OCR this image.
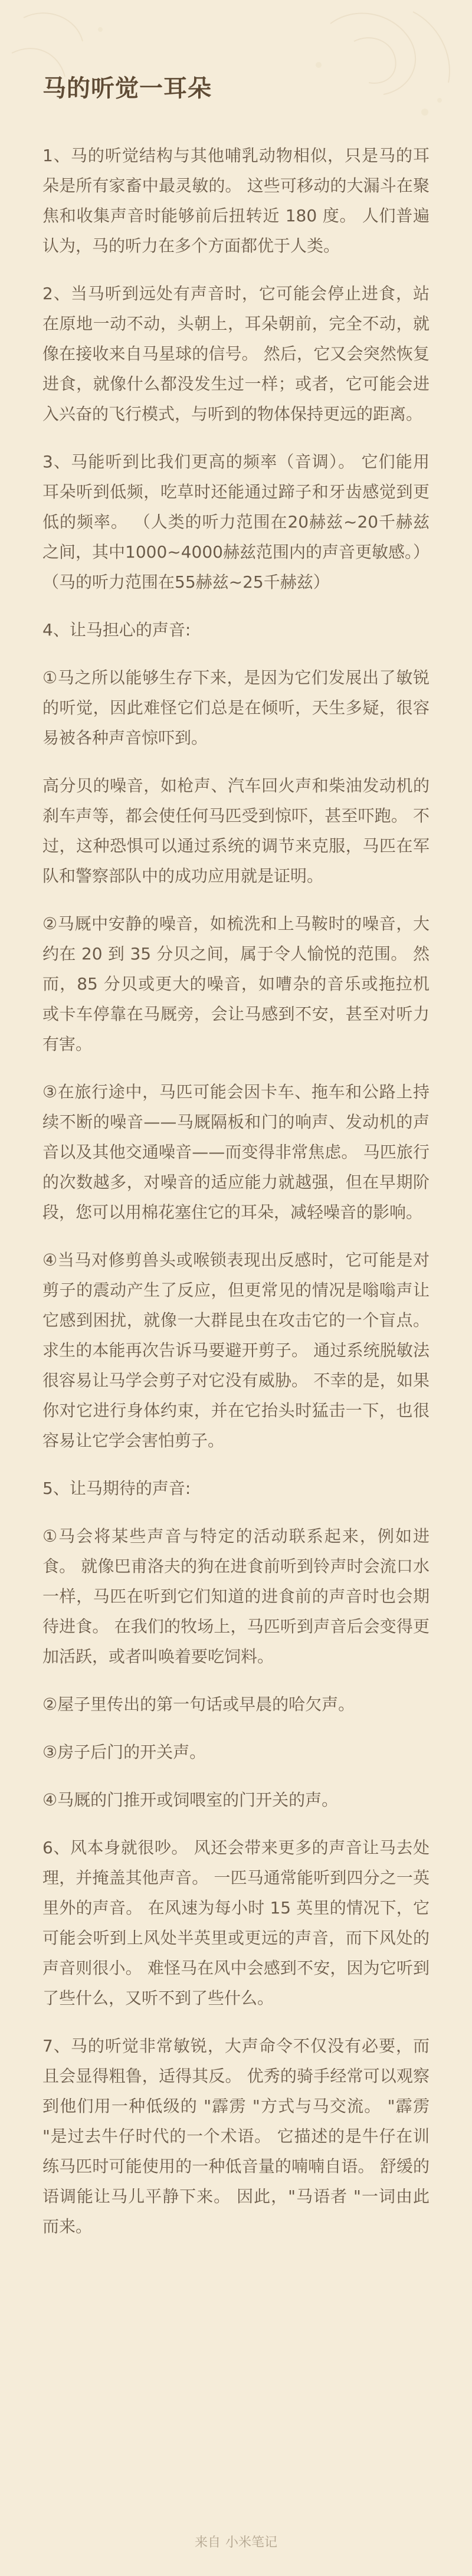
马的听觉一耳朵

1、马的听觉结构与其他哺乳动物相似，只是马的耳朵是所有家畜中最灵敏的。 这些可移动的大漏斗在聚焦和收集声音时能够前后扭转近 180 度。 人们普遍认为，马的听力在多个方面都优于人类。

2、当马听到远处有声音时，它可能会停止进食，站在原地一动不动，头朝上，耳朵朝前，完全不动，就像在接收来自马星球的信号。 然后，它又会突然恢复进食，就像什么都没发生过一样；或者，它可能会进入兴奋的飞行模式，与听到的物体保持更远的距离。

3、马能听到比我们更高的频率（音调）。 它们能用耳朵听到低频，吃草时还能通过蹄子和牙齿感觉到更低的频率。 （人类的听力范围在20赫兹~20千赫兹之间，其中1000~4000赫兹范围内的声音更敏感。） （马的听力范围在55赫兹~25千赫兹）

4、让马担心的声音:

①马之所以能够生存下来，是因为它们发展出了敏锐的听觉，因此难怪它们总是在倾听，天生多疑，很容易被各种声音惊吓到。

高分贝的噪音，如枪声、汽车回火声和柴油发动机的刹车声等，都会使任何马匹受到惊吓，甚至吓跑。 不过，这种恐惧可以通过系统的调节来克服，马匹在军队和警察部队中的成功应用就是证明。

②马厩中安静的噪音，如梳洗和上马鞍时的噪音，大约在 20 到 35 分贝之间，属于令人愉悦的范围。 然而，85 分贝或更大的噪音，如嘈杂的音乐或拖拉机或卡车停靠在马厩旁，会让马感到不安，甚至对听力有害。

③在旅行途中，马匹可能会因卡车、拖车和公路上持续不断的噪音——马厩隔板和门的响声、发动机的声音以及其他交通噪音——而变得非常焦虑。 马匹旅行的次数越多，对噪音的适应能力就越强，但在早期阶段，您可以用棉花塞住它的耳朵，减轻噪音的影响。

④当马对修剪兽头或喉锁表现出反感时，它可能是对剪子的震动产生了反应，但更常见的情况是嗡嗡声让它感到困扰，就像一大群昆虫在攻击它的一个盲点。 求生的本能再次告诉马要避开剪子。 通过系统脱敏法很容易让马学会剪子对它没有威胁。 不幸的是，如果你对它进行身体约束，并在它抬头时猛击一下，也很容易让它学会害怕剪子。

5、让马期待的声音:

①马会将某些声音与特定的活动联系起来，例如进食。 就像巴甫洛夫的狗在进食前听到铃声时会流口水一样，马匹在听到它们知道的进食前的声音时也会期待进食。 在我们的牧场上，马匹听到声音后会变得更加活跃，或者叫唤着要吃饲料。

②屋子里传出的第一句话或早晨的哈欠声。

③房子后门的开关声。

④马厩的门推开或饲喂室的门开关的声。

6、风本身就很吵。 风还会带来更多的声音让马去处理，并掩盖其他声音。 一匹马通常能听到四分之一英里外的声音。 在风速为每小时 15 英里的情况下，它可能会听到上风处半英里或更远的声音，而下风处的声音则很小。 难怪马在风中会感到不安，因为它听到了些什么，又听不到了些什么。

7、马的听觉非常敏锐，大声命令不仅没有必要，而且会显得粗鲁，适得其反。 优秀的骑手经常可以观察到他们用一种低级的 "霹雳 "方式与马交流。 "霹雳 "是过去牛仔时代的一个术语。 它描述的是牛仔在训练马匹时可能使用的一种低音量的喃喃自语。 舒缓的语调能让马儿平静下来。 因此，"马语者 "一词由此而来。

来自 小米笔记
